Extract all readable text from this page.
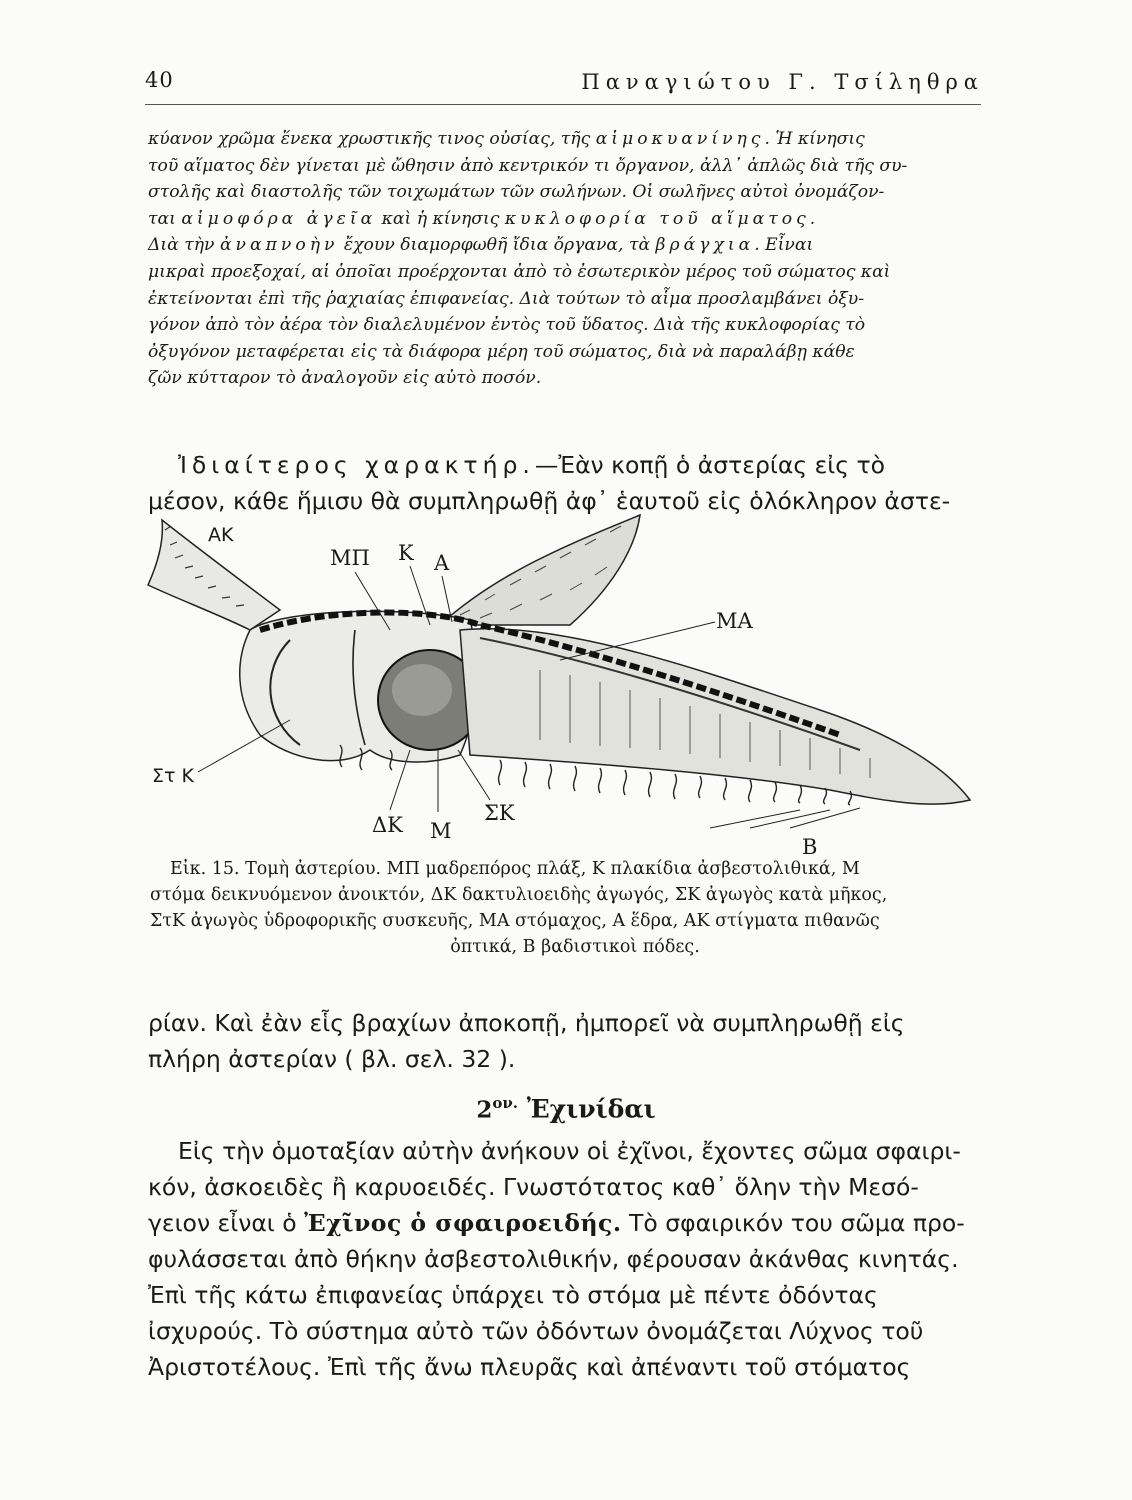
40	Παναγιώτου Γ. Τσίληθρα
κύανον χρῶμα ἕνεκα χρωστικῆς τινος οὐσίας, τῆς αἱμοκυανίνης. Ἡ κίνησις
τοῦ αἵματος δὲν γίνεται μὲ ὤθησιν ἀπὸ κεντρικόν τι ὄργανον, ἀλλ᾽ ἁπλῶς διὰ τῆς συ-
στολῆς καὶ διαστολῆς τῶν τοιχωμάτων τῶν σωλήνων. Οἱ σωλῆνες αὐτοὶ ὀνομάζον-
ται αἱμοφόρα ἀγεῖα καὶ ἡ κίνησις κυκλοφορία τοῦ αἵματος.
Διὰ τὴν ἀναπνοὴν ἔχουν διαμορφωθῆ ἴδια ὄργανα, τὰ βράγχια. Εἶναι
μικραὶ προεξοχαί, αἱ ὁποῖαι προέρχονται ἀπὸ τὸ ἐσωτερικὸν μέρος τοῦ σώματος καὶ
ἐκτείνονται ἐπὶ τῆς ῥαχιαίας ἐπιφανείας. Διὰ τούτων τὸ αἷμα προσλαμβάνει ὀξυ-
γόνον ἀπὸ τὸν ἀέρα τὸν διαλελυμένον ἐντὸς τοῦ ὕδατος. Διὰ τῆς κυκλοφορίας τὸ
ὀξυγόνον μεταφέρεται εἰς τὰ διάφορα μέρη τοῦ σώματος, διὰ νὰ παραλάβῃ κάθε
ζῶν κύτταρον τὸ ἀναλογοῦν εἰς αὐτὸ ποσόν.
Ἰδιαίτερος χαρακτήρ.—Ἐὰν κοπῇ ὁ ἀστερίας εἰς τὸ
μέσον, κάθε ἥμισυ θὰ συμπληρωθῇ ἀφ᾽ ἑαυτοῦ εἰς ὁλόκληρον ἀστε-
ΑΚ
ΜΠ Κ Α
ΜΑ
Στ Κ
ΔΚ Μ
ΣΚ
Β
Εἰκ. 15. Τομὴ ἀστερίου. ΜΠ μαδρεπόρος πλάξ, Κ πλακίδια ἀσβεστολιθικά, Μ
στόμα δεικνυόμενον ἀνοικτόν, ΔΚ δακτυλιοειδὴς ἀγωγός, ΣΚ ἀγωγὸς κατὰ μῆκος,
ΣτΚ ἀγωγὸς ὑδροφορικῆς συσκευῆς, ΜΑ στόμαχος, Α ἕδρα, ΑΚ στίγματα πιθανῶς
ὀπτικά, Β βαδιστικοὶ πόδες.
ρίαν. Καὶ ἐὰν εἷς βραχίων ἀποκοπῇ, ἠμπορεῖ νὰ συμπληρωθῇ εἰς
πλήρη ἀστερίαν ( βλ. σελ. 32 ).
$2^{o\nu.}$ Ἐχινίδαι
Εἰς τὴν ὁμοταξίαν αὐτὴν ἀνήκουν οἱ ἐχῖνοι, ἔχοντες σῶμα σφαιρι-
κόν, ἀσκοειδὲς ἢ καρυοειδές. Γνωστότατος καθ᾽ ὅλην τὴν Μεσό-
γειον εἶναι ὁ Ἐχῖνος ὁ σφαιροειδής. Τὸ σφαιρικόν του σῶμα προ-
φυλάσσεται ἀπὸ θήκην ἀσβεστολιθικήν, φέρουσαν ἀκάνθας κινητάς.
Ἐπὶ τῆς κάτω ἐπιφανείας ὑπάρχει τὸ στόμα μὲ πέντε ὀδόντας
ἰσχυρούς. Τὸ σύστημα αὐτὸ τῶν ὀδόντων ὀνομάζεται Λύχνος τοῦ
Ἀριστοτέλους. Ἐπὶ τῆς ἄνω πλευρᾶς καὶ ἀπέναντι τοῦ στόματος
